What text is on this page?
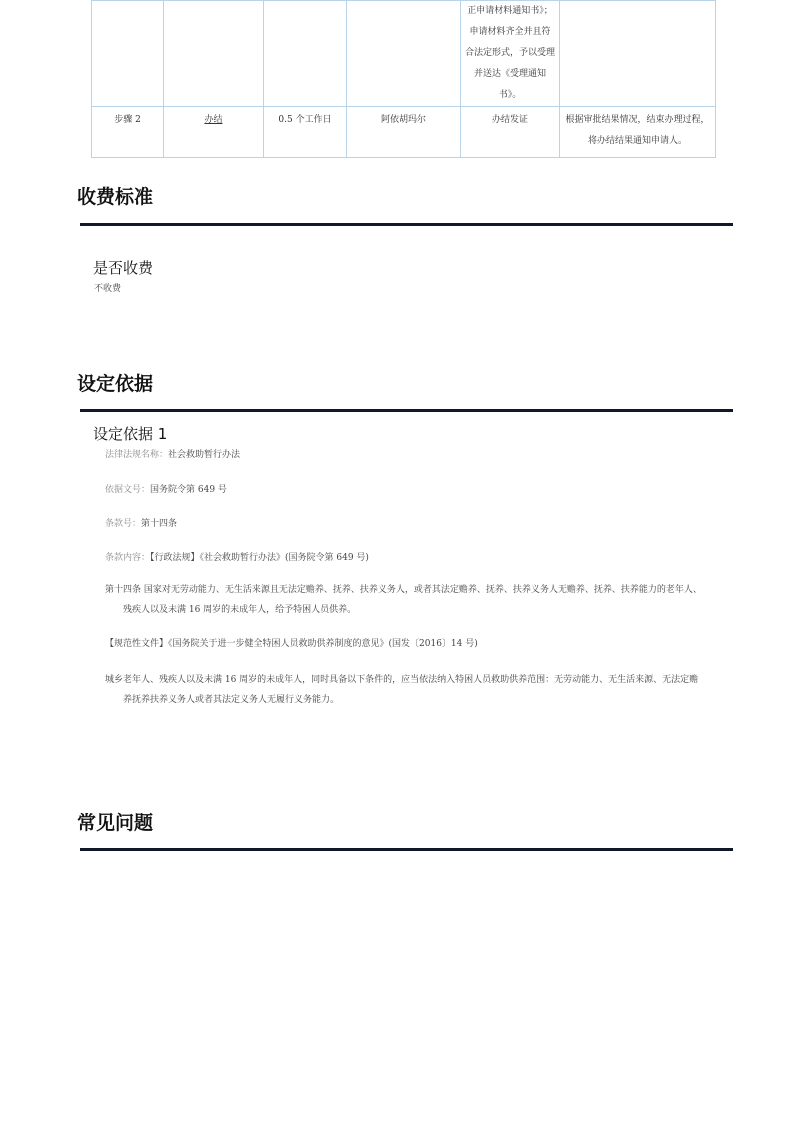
				正申请材料通知书》；
申请材料齐全并且符
合法定形式，予以受理
并送达《受理通知
书》。	
步骤 2	办结	0.5 个工作日	阿依胡玛尔	办结发证	根据审批结果情况，结束办理过程，
将办结结果通知申请人。
收费标准
是否收费

不收费

设定依据
设定依据 1

法律法规名称：社会救助暂行办法

依据文号：国务院令第 649 号

条款号：第十四条

条款内容：【行政法规】《社会救助暂行办法》(国务院令第 649 号)

第十四条 国家对无劳动能力、无生活来源且无法定赡养、抚养、扶养义务人，或者其法定赡养、抚养、扶养义务人无赡养、抚养、扶养能力的老年人、

残疾人以及未满 16 周岁的未成年人，给予特困人员供养。

【规范性文件】《国务院关于进一步健全特困人员救助供养制度的意见》(国发〔2016〕14 号)

城乡老年人、残疾人以及未满 16 周岁的未成年人，同时具备以下条件的，应当依法纳入特困人员救助供养范围：无劳动能力、无生活来源、无法定赡

养抚养扶养义务人或者其法定义务人无履行义务能力。

常见问题
